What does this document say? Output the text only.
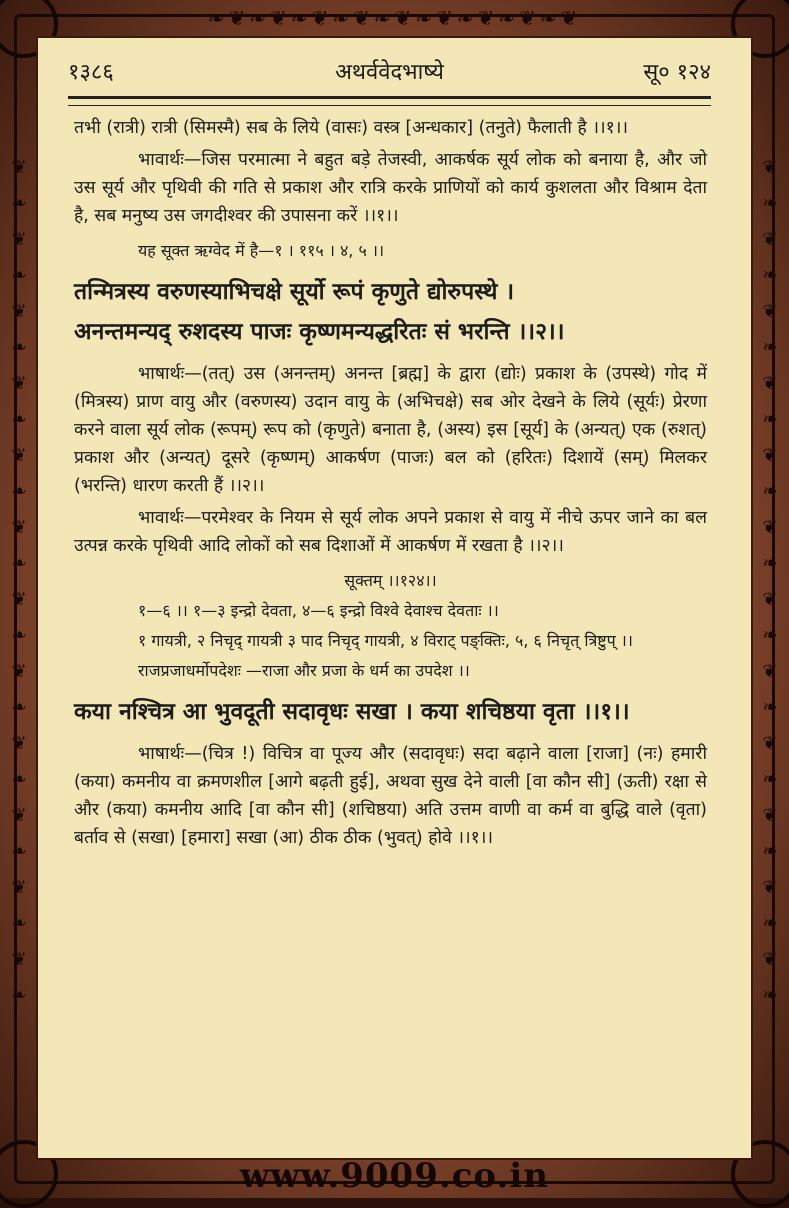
❧❦❧❦❧❦❧❦❧❦❧❦❧❦❧❦❧❦
❦
❧
❦
❧
❦
❧
❦
❧
❦
❧
❦
❧
❦
❧
❦
❧
❦
❧
❦
❧
❦
❧
❦
❧
❦
❧
❦
❧
❦
❧
❦
❧
❦
❧
❦
❧
❦
❧
❦
❧
❦
❧
❦
❧
❦
❧
❦
❧
१३८६	अथर्ववेदभाष्ये	सू० १२४

तभी (रात्री) रात्री (सिमस्मै) सब के लिये (वासः) वस्त्र [अन्धकार] (तनुते) फैलाती है ।।१।।

भावार्थः—जिस परमात्मा ने बहुत बड़े तेजस्वी, आकर्षक सूर्य लोक को बनाया है, और जो उस सूर्य और पृथिवी की गति से प्रकाश और रात्रि करके प्राणियों को कार्य कुशलता और विश्राम देता है, सब मनुष्य उस जगदीश्वर की उपासना करें ।।१।।

यह सूक्त ऋग्वेद में है—१ । ११५ । ४, ५ ।।

तन्मित्रस्य वरुणस्याभिचक्षे सूर्यो रूपं कृणुते द्योरुपस्थे ।

अनन्तमन्यद् रुशदस्य पाजः कृष्णमन्यद्धरितः सं भरन्ति ।।२।।

भाषार्थः—(तत्) उस (अनन्तम्) अनन्त [ब्रह्म] के द्वारा (द्योः) प्रकाश के (उपस्थे) गोद में (मित्रस्य) प्राण वायु और (वरुणस्य) उदान वायु के (अभिचक्षे) सब ओर देखने के लिये (सूर्यः) प्रेरणा करने वाला सूर्य लोक (रूपम्) रूप को (कृणुते) बनाता है, (अस्य) इस [सूर्य] के (अन्यत्) एक (रुशत्) प्रकाश और (अन्यत्) दूसरे (कृष्णम्) आकर्षण (पाजः) बल को (हरितः) दिशायें (सम्) मिलकर (भरन्ति) धारण करती हैं ।।२।।

भावार्थः—परमेश्वर के नियम से सूर्य लोक अपने प्रकाश से वायु में नीचे ऊपर जाने का बल उत्पन्न करके पृथिवी आदि लोकों को सब दिशाओं में आकर्षण में रखता है ।।२।।

सूक्तम् ।।१२४।।

१—६ ।। १—३ इन्द्रो देवता, ४—६ इन्द्रो विश्वे देवाश्च देवताः ।।

१ गायत्री, २ निचृद् गायत्री ३ पाद निचृद् गायत्री, ४ विराट् पङ्क्तिः, ५, ६ निचृत् त्रिष्टुप् ।।

राजप्रजाधर्मोपदेशः —राजा और प्रजा के धर्म का उपदेश ।।

कया नश्चित्र आ भुवदूती सदावृधः सखा । कया शचिष्ठया वृता ।।१।।

भाषार्थः—(चित्र !) विचित्र वा पूज्य और (सदावृधः) सदा बढ़ाने वाला [राजा] (नः) हमारी (कया) कमनीय वा क्रमणशील [आगे बढ़ती हुई], अथवा सुख देने वाली [वा कौन सी] (ऊती) रक्षा से और (कया) कमनीय आदि [वा कौन सी] (शचिष्ठया) अति उत्तम वाणी वा कर्म वा बुद्धि वाले (वृता) बर्ताव से (सखा) [हमारा] सखा (आ) ठीक ठीक (भुवत्) होवे ।।१।।

www.9009.co.in
